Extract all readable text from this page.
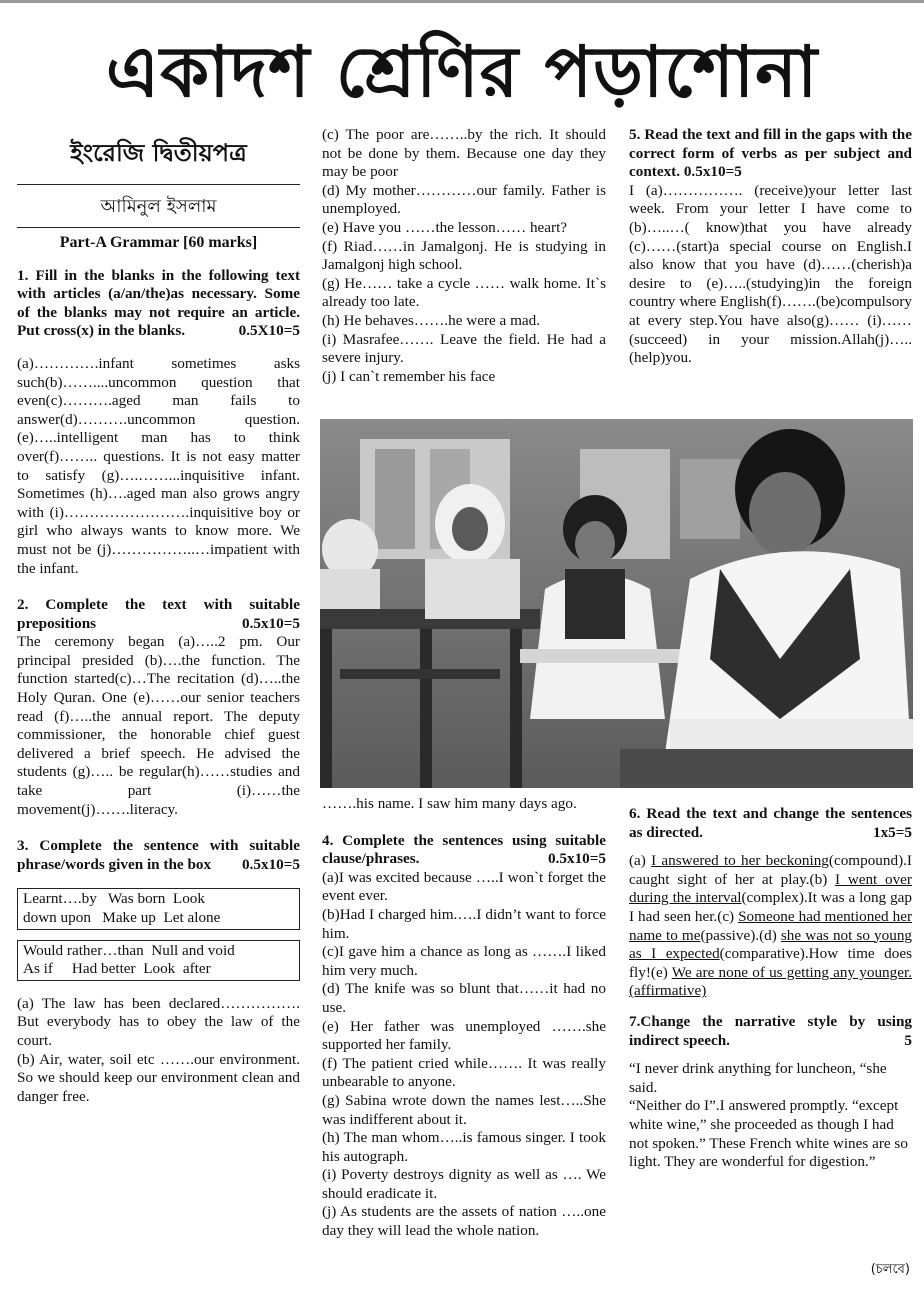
একাদশ শ্রেণির পড়াশোনা
ইংরেজি দ্বিতীয়পত্র
আমিনুল ইসলাম
Part-A Grammar [60 marks]
1. Fill in the blanks in the following text with articles (a/an/the)as necessary. Some of the blanks may not require an article. Put cross(x) in the blanks.	0.5X10=5

(a)………….infant sometimes asks such(b)……....uncommon question that even(c)……….aged man fails to answer(d)……….uncommon question.(e)…..intelligent man has to think over(f)…….. questions. It is not easy matter to satisfy (g)….……...inquisitive infant. Sometimes (h)….aged man also grows angry with (i)…………………….inquisitive boy or girl who always wants to know more. We must not be (j)……………..…impatient with the infant.

2. Complete the text with suitable prepositions	0.5x10=5

The ceremony began (a)…..2 pm. Our principal presided (b)….the function. The function started(c)…The recitation (d)…..the Holy Quran. One (e)……our senior teachers read (f)…..the annual report. The deputy commissioner, the honorable chief guest delivered a brief speech. He advised the students (g)….. be regular(h)……studies and take part (i)……the movement(j)…….literacy.

3. Complete the sentence with suitable phrase/words given in the box 0.5x10=5
Learnt….by   Was born  Look
down upon   Make up  Let alone
Would rather…than  Null and void
As if     Had better  Look  after

(a) The law has been declared……………. But everybody has to obey the law of the court.

(b) Air, water, soil etc …….our environment. So we should keep our environment clean and danger free.

(c) The poor are……..by the rich. It should not be done by them. Because one day they may be poor

(d) My mother…………our family. Father is unemployed.

(e) Have you ……the lesson…… heart?

(f) Riad……in Jamalgonj. He is studying in Jamalgonj high school.

(g) He…… take a cycle …… walk home. It`s already too late.

(h) He behaves…….he were a mad.

(i) Masrafee……. Leave the field. He had a severe injury.

(j) I can`t remember his face

5. Read the text and fill in the gaps with the correct form of verbs as per subject and context. 0.5x10=5

I (a)……………. (receive)your letter last week. From your letter I have come to (b)…..…( know)that you have already (c)……(start)a special course on English.I also know that you have (d)……(cherish)a desire to (e)…..(studying)in the foreign country where English(f)…….(be)compulsory at every step.You have also(g)…… (i)……(succeed) in your mission.Allah(j)…..(help)you.

…….his name. I saw him many days ago.

4. Complete the sentences using suitable clause/phrases.	0.5x10=5

(a)I was excited because …..I won`t forget the event ever.

(b)Had I charged him.….I didn’t want to force him.

(c)I gave him a chance as long as …….I liked him very much.

(d) The knife was so blunt that……it had no use.

(e) Her father was unemployed …….she supported her family.

(f) The patient cried while……. It was really unbearable to anyone.

(g) Sabina wrote down the names lest…..She was indifferent about it.

(h) The man whom…..is famous singer. I took his autograph.

(i) Poverty destroys dignity as well as …. We should eradicate it.

(j) As students are the assets of nation …..one day they will lead the whole nation.

6. Read the text and change the sentences as directed.	1x5=5

(a) I answered to her beckoning(compound).I caught sight of her at play.(b) I went over during the interval(complex).It was a long gap I had seen her.(c) Someone had mentioned her name to me(passive).(d) she was not so young as I expected(comparative).How time does fly!(e) We are none of us getting any younger.(affirmative)

7.Change the narrative style by using indirect speech.	5

“I never drink anything for luncheon, “she said.

“Neither do I”.I answered promptly. “except white wine,” she proceeded as though I had not spoken.” These French white wines are so light. They are wonderful for digestion.”

(চলবে)
